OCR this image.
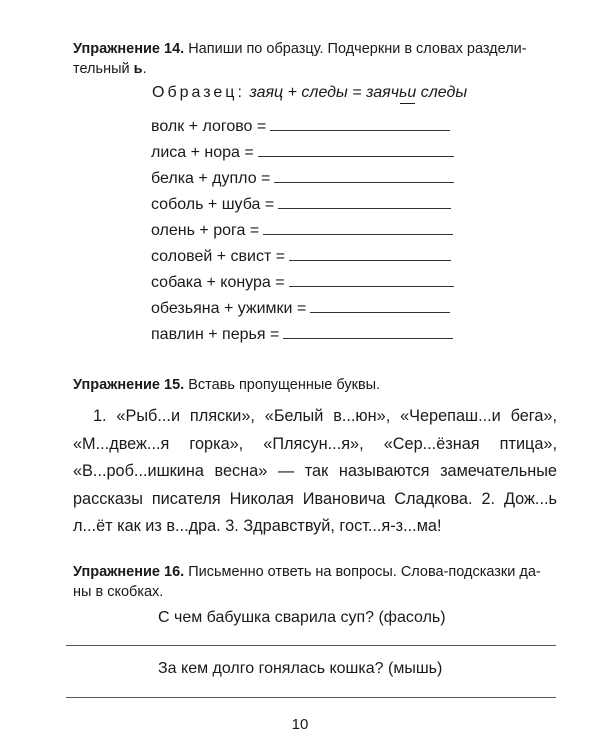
Упражнение 14. Напиши по образцу. Подчеркни в словах раздели-
тельный ь.
Образец: заяц + следы = заячьи следы
волк + логово =
лиса + нора =
белка + дупло =
соболь + шуба =
олень + рога =
соловей + свист =
собака + конура =
обезьяна + ужимки =
павлин + перья =
Упражнение 15. Вставь пропущенные буквы.
1. «Рыб...и пляски», «Белый в...юн», «Черепаш...и бега», «М...двеж...я горка», «Плясун...я», «Сер...ёзная птица», «В...роб...ишкина весна» — так называются замечательные рассказы писателя Николая Ивановича Сладкова. 2. Дож...ь л...ёт как из в...дра. 3. Здравствуй, гост...я-з...ма!
Упражнение 16. Письменно ответь на вопросы. Слова-подсказки да-
ны в скобках.
С чем бабушка сварила суп? (фасоль)
За кем долго гонялась кошка? (мышь)
10
